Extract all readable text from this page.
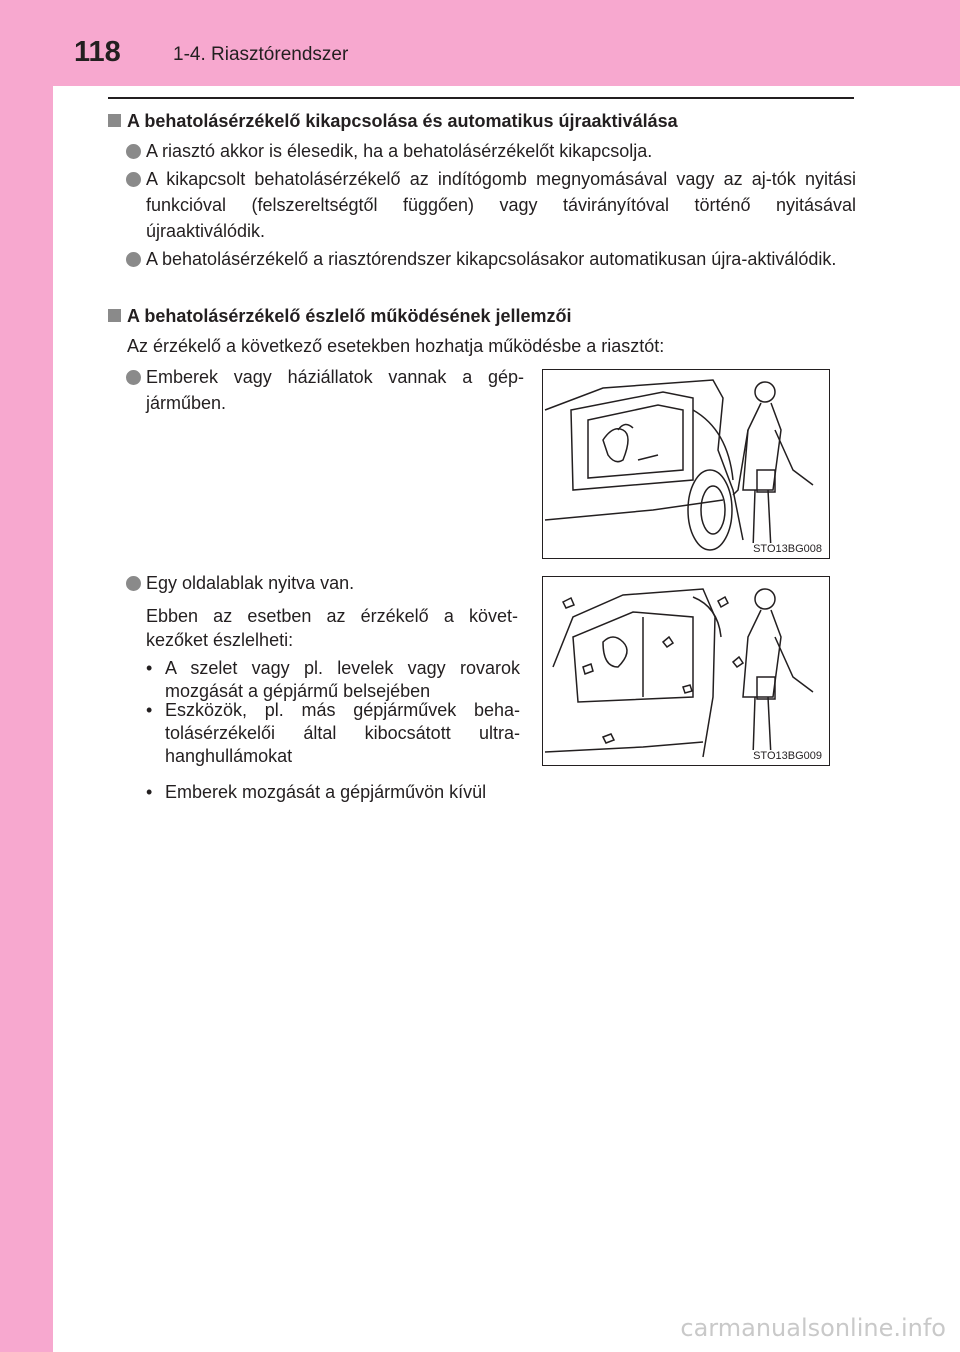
118	1-4. Riasztórendszer
A behatolásérzékelő kikapcsolása és automatikus újraaktiválása
A riasztó akkor is élesedik, ha a behatolásérzékelőt kikapcsolja.
A kikapcsolt behatolásérzékelő az indítógomb megnyomásával vagy az aj-tók nyitási funkcióval (felszereltségtől függően) vagy távirányítóval történő nyitásával újraaktiválódik.
A behatolásérzékelő a riasztórendszer kikapcsolásakor automatikusan újra-aktiválódik.
A behatolásérzékelő észlelő működésének jellemzői
Az érzékelő a következő esetekben hozhatja működésbe a riasztót:
Emberek vagy háziállatok vannak a gép-járműben.
Egy oldalablak nyitva van.
Ebben az esetben az érzékelő a követ-kezőket észlelheti:
• A szelet vagy pl. levelek vagy rovarok mozgását a gépjármű belsejében
• Eszközök, pl. más gépjárművek beha-tolásérzékelői által kibocsátott ultra-hanghullámokat
• Emberek mozgását a gépjárművön kívül
STO13BG008
STO13BG009
carmanualsonline.info
